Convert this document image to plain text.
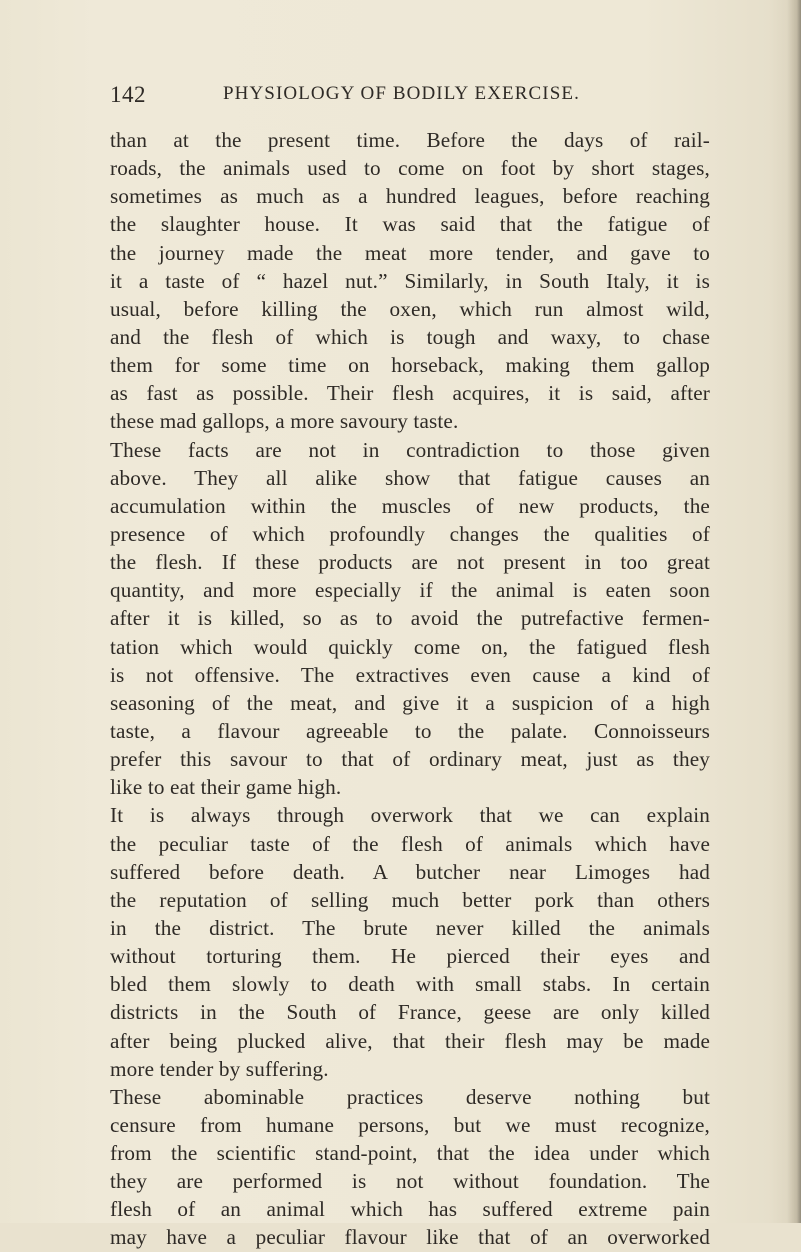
142	PHYSIOLOGY OF BODILY EXERCISE.
than at the present time. Before the days of rail-
roads, the animals used to come on foot by short stages,
sometimes as much as a hundred leagues, before reaching
the slaughter house. It was said that the fatigue of
the journey made the meat more tender, and gave to
it a taste of “ hazel nut.” Similarly, in South Italy, it is
usual, before killing the oxen, which run almost wild,
and the flesh of which is tough and waxy, to chase
them for some time on horseback, making them gallop
as fast as possible. Their flesh acquires, it is said, after
these mad gallops, a more savoury taste.
These facts are not in contradiction to those given
above. They all alike show that fatigue causes an
accumulation within the muscles of new products, the
presence of which profoundly changes the qualities of
the flesh. If these products are not present in too great
quantity, and more especially if the animal is eaten soon
after it is killed, so as to avoid the putrefactive fermen-
tation which would quickly come on, the fatigued flesh
is not offensive. The extractives even cause a kind of
seasoning of the meat, and give it a suspicion of a high
taste, a flavour agreeable to the palate. Connoisseurs
prefer this savour to that of ordinary meat, just as they
like to eat their game high.
It is always through overwork that we can explain
the peculiar taste of the flesh of animals which have
suffered before death. A butcher near Limoges had
the reputation of selling much better pork than others
in the district. The brute never killed the animals
without torturing them. He pierced their eyes and
bled them slowly to death with small stabs. In certain
districts in the South of France, geese are only killed
after being plucked alive, that their flesh may be made
more tender by suffering.
These abominable practices deserve nothing but
censure from humane persons, but we must recognize,
from the scientific stand-point, that the idea under which
they are performed is not without foundation. The
flesh of an animal which has suffered extreme pain
may have a peculiar flavour like that of an overworked
